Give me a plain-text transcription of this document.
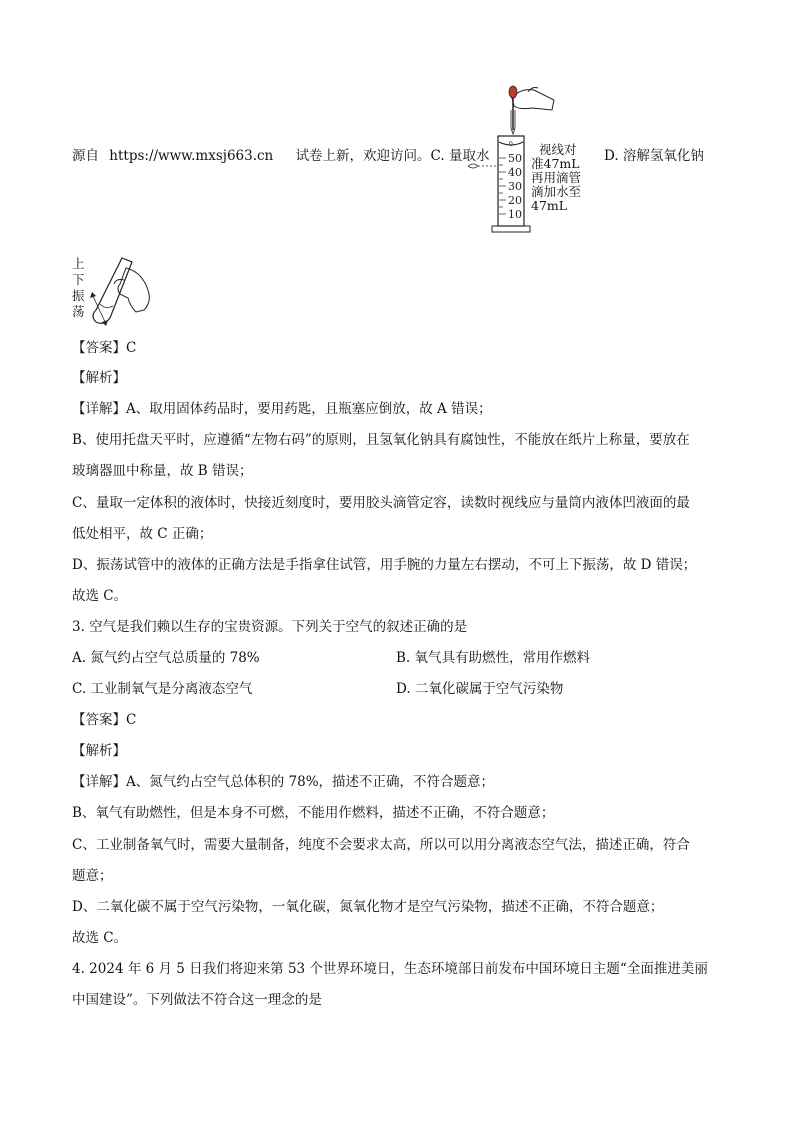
源自 https://www.mxsj663.cn 试卷上新，欢迎访问。C. 量取水
0
50
40
30
20
10
视线对
准47mL
再用滴管
滴加水至
47mL
D. 溶解氢氧化钠
上
下
振
荡
【答案】C
【解析】
【详解】A、取用固体药品时，要用药匙，且瓶塞应倒放，故 A 错误；
B、使用托盘天平时，应遵循“左物右码”的原则，且氢氧化钠具有腐蚀性，不能放在纸片上称量，要放在
玻璃器皿中称量，故 B 错误；
C、量取一定体积的液体时，快接近刻度时，要用胶头滴管定容，读数时视线应与量筒内液体凹液面的最
低处相平，故 C 正确；
D、振荡试管中的液体的正确方法是手指拿住试管，用手腕的力量左右摆动，不可上下振荡，故 D 错误；
故选 C。
3. 空气是我们赖以生存的宝贵资源。下列关于空气的叙述正确的是
A. 氮气约占空气总质量的 78%	B. 氧气具有助燃性，常用作燃料
C. 工业制氧气是分离液态空气	D. 二氧化碳属于空气污染物
【答案】C
【解析】
【详解】A、氮气约占空气总体积的 78%，描述不正确，不符合题意；
B、氧气有助燃性，但是本身不可燃，不能用作燃料，描述不正确，不符合题意；
C、工业制备氧气时，需要大量制备，纯度不会要求太高，所以可以用分离液态空气法，描述正确，符合
题意；
D、二氧化碳不属于空气污染物，一氧化碳，氮氧化物才是空气污染物，描述不正确，不符合题意；
故选 C。
4. 2024 年 6 月 5 日我们将迎来第 53 个世界环境日，生态环境部日前发布中国环境日主题“全面推进美丽
中国建设”。下列做法不符合这一理念的是
